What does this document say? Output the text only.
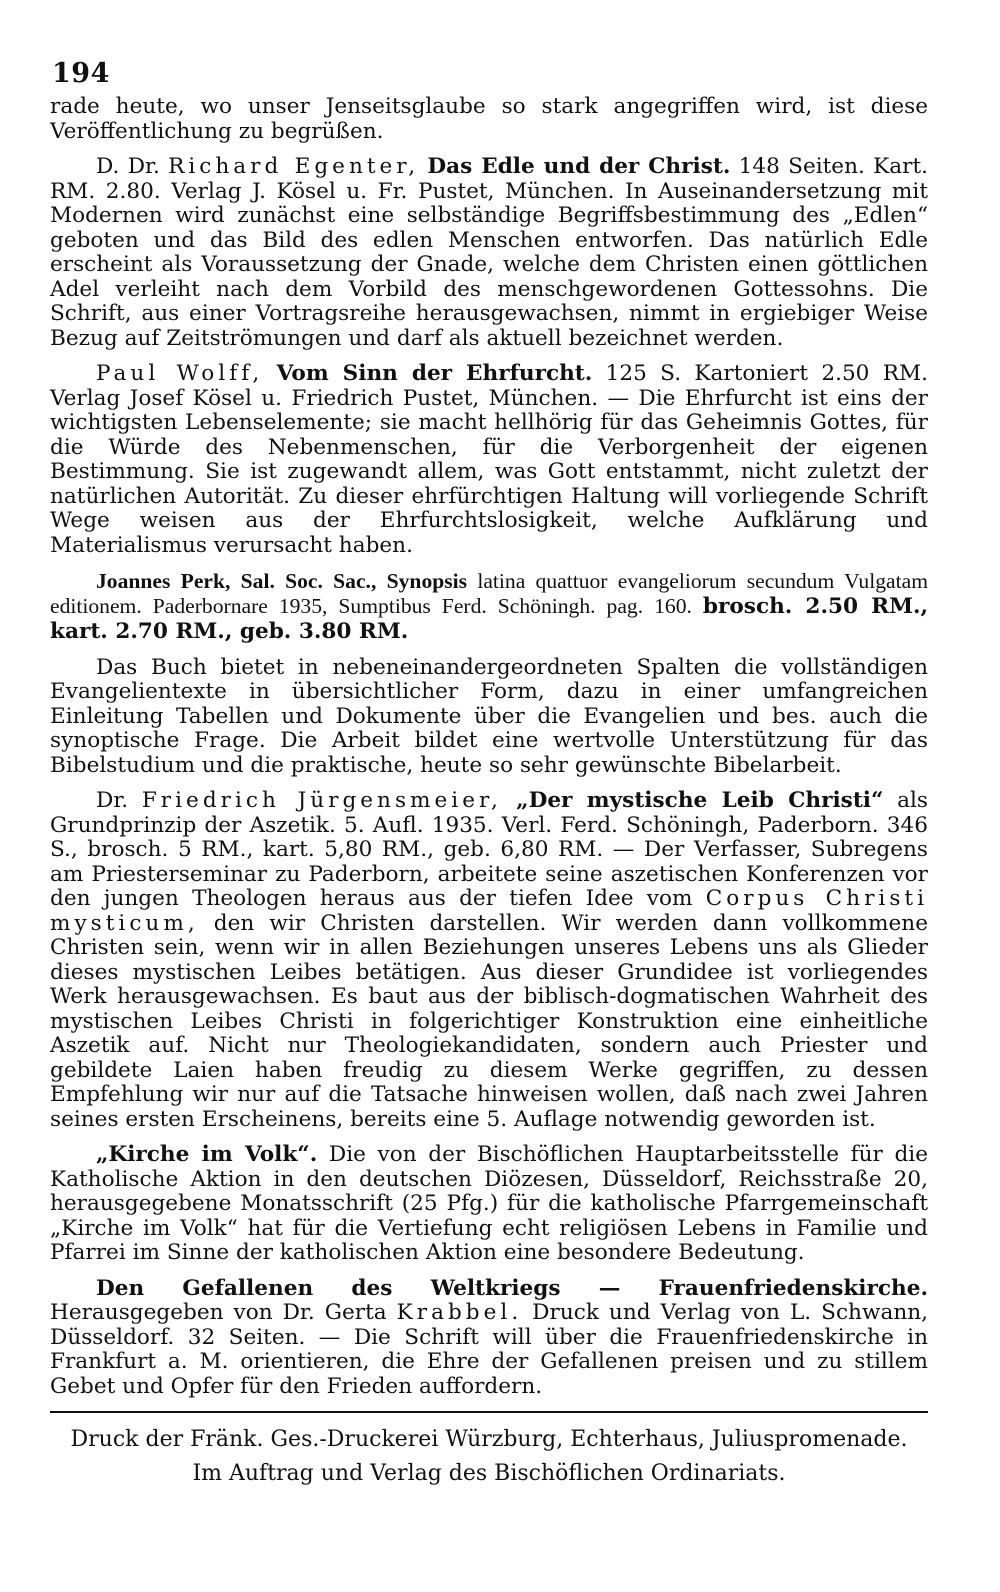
194

rade heute, wo unser Jenseitsglaube so stark angegriffen wird, ist diese Veröffentlichung zu begrüßen.

D. Dr. Richard Egenter, Das Edle und der Christ. 148 Seiten. Kart. RM. 2.80. Verlag J. Kösel u. Fr. Pustet, München. In Auseinandersetzung mit Modernen wird zunächst eine selbständige Begriffsbestimmung des „Edlen“ geboten und das Bild des edlen Menschen entworfen. Das natürlich Edle erscheint als Voraussetzung der Gnade, welche dem Christen einen göttlichen Adel verleiht nach dem Vorbild des menschgewordenen Gottessohns. Die Schrift, aus einer Vortragsreihe herausgewachsen, nimmt in ergiebiger Weise Bezug auf Zeitströmungen und darf als aktuell bezeichnet werden.

Paul Wolff, Vom Sinn der Ehrfurcht. 125 S. Kartoniert 2.50 RM. Verlag Josef Kösel u. Friedrich Pustet, München. — Die Ehrfurcht ist eins der wichtigsten Lebenselemente; sie macht hellhörig für das Geheimnis Gottes, für die Würde des Nebenmenschen, für die Verborgenheit der eigenen Bestimmung. Sie ist zugewandt allem, was Gott entstammt, nicht zuletzt der natürlichen Autorität. Zu dieser ehrfürchtigen Haltung will vorliegende Schrift Wege weisen aus der Ehrfurchtslosigkeit, welche Aufklärung und Materialismus verursacht haben.

Joannes Perk, Sal. Soc. Sac., Synopsis latina quattuor evangeliorum secundum Vulgatam editionem. Paderbornare 1935, Sumptibus Ferd. Schöningh. pag. 160. brosch. 2.50 RM., kart. 2.70 RM., geb. 3.80 RM.

Das Buch bietet in nebeneinandergeordneten Spalten die vollständigen Evangelientexte in übersichtlicher Form, dazu in einer umfangreichen Einleitung Tabellen und Dokumente über die Evangelien und bes. auch die synoptische Frage. Die Arbeit bildet eine wertvolle Unterstützung für das Bibelstudium und die praktische, heute so sehr gewünschte Bibelarbeit.

Dr. Friedrich Jürgensmeier, „Der mystische Leib Christi“ als Grundprinzip der Aszetik. 5. Aufl. 1935. Verl. Ferd. Schöningh, Paderborn. 346 S., brosch. 5 RM., kart. 5,80 RM., geb. 6,80 RM. — Der Verfasser, Subregens am Priesterseminar zu Paderborn, arbeitete seine aszetischen Konferenzen vor den jungen Theologen heraus aus der tiefen Idee vom Corpus Christi mysticum, den wir Christen darstellen. Wir werden dann vollkommene Christen sein, wenn wir in allen Beziehungen unseres Lebens uns als Glieder dieses mystischen Leibes betätigen. Aus dieser Grundidee ist vorliegendes Werk herausgewachsen. Es baut aus der biblisch-dogmatischen Wahrheit des mystischen Leibes Christi in folgerichtiger Konstruktion eine einheitliche Aszetik auf. Nicht nur Theologiekandidaten, sondern auch Priester und gebildete Laien haben freudig zu diesem Werke gegriffen, zu dessen Empfehlung wir nur auf die Tatsache hinweisen wollen, daß nach zwei Jahren seines ersten Erscheinens, bereits eine 5. Auflage notwendig geworden ist.

„Kirche im Volk“. Die von der Bischöflichen Hauptarbeitsstelle für die Katholische Aktion in den deutschen Diözesen, Düsseldorf, Reichsstraße 20, herausgegebene Monatsschrift (25 Pfg.) für die katholische Pfarrgemeinschaft „Kirche im Volk“ hat für die Vertiefung echt religiösen Lebens in Familie und Pfarrei im Sinne der katholischen Aktion eine besondere Bedeutung.

Den Gefallenen des Weltkriegs — Frauenfriedenskirche. Herausgegeben von Dr. Gerta Krabbel. Druck und Verlag von L. Schwann, Düsseldorf. 32 Seiten. — Die Schrift will über die Frauenfriedenskirche in Frankfurt a. M. orientieren, die Ehre der Gefallenen preisen und zu stillem Gebet und Opfer für den Frieden auffordern.

Druck der Fränk. Ges.-Druckerei Würzburg, Echterhaus, Juliuspromenade.
Im Auftrag und Verlag des Bischöflichen Ordinariats.
